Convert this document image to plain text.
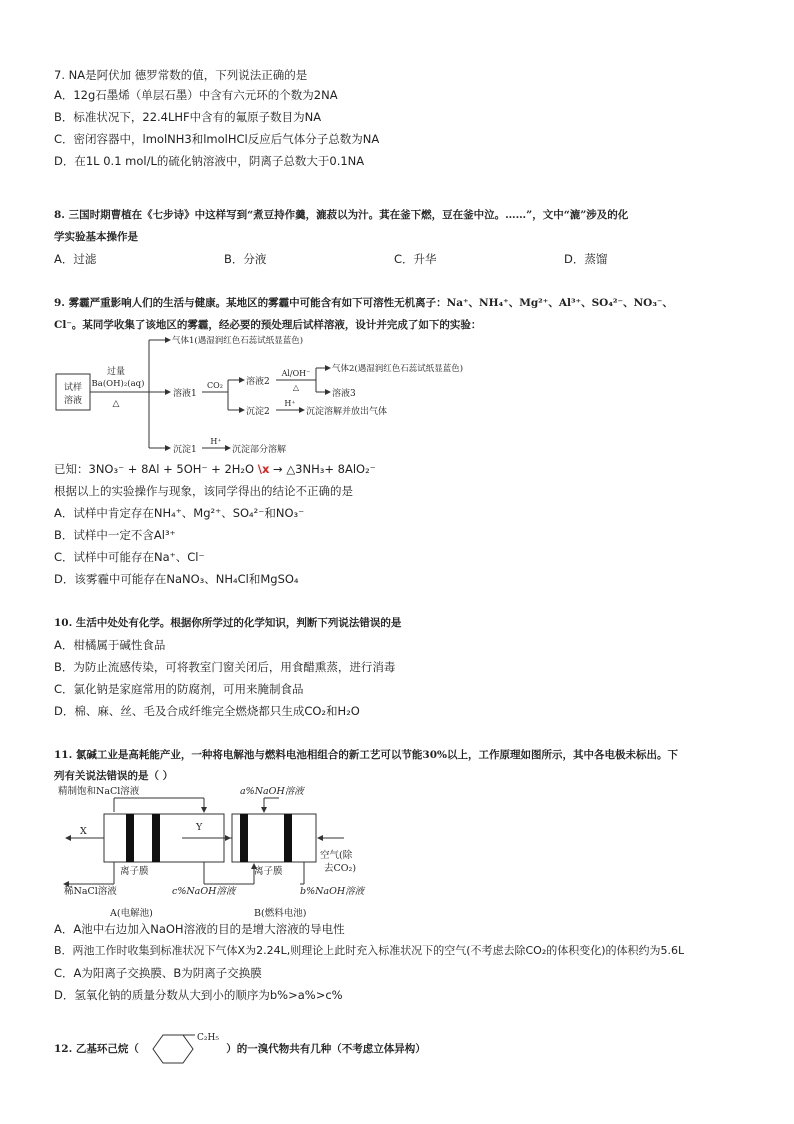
7. NA是阿伏加 德罗常数的值，下列说法正确的是
A．12g石墨烯（单层石墨）中含有六元环的个数为2NA
B．标准状况下，22.4LHF中含有的氟原子数目为NA
C．密闭容器中，lmolNH3和lmolHCl反应后气体分子总数为NA
D．在1L 0.1 mol/L的硫化钠溶液中，阴离子总数大于0.1NA
8. 三国时期曹植在《七步诗》中这样写到“煮豆持作羹，漉菽以为汁。萁在釜下燃，豆在釜中泣。……”，文中“漉”涉及的化
学实验基本操作是
A．过滤	B．分液	C．升华	D．蒸馏
9. 雾霾严重影响人们的生活与健康。某地区的雾霾中可能含有如下可溶性无机离子：Na⁺、NH₄⁺、Mg²⁺、Al³⁺、SO₄²⁻、NO₃⁻、
Cl⁻。某同学收集了该地区的雾霾，经必要的预处理后试样溶液，设计并完成了如下的实验：
试样
溶液
过量
Ba(OH)₂(aq)
△
气体1(遇湿润红色石蕊试纸显蓝色)
溶液1
CO₂	溶液2
沉淀2
Al/OH⁻
△
气体2(遇湿润红色石蕊试纸显蓝色)
溶液3
H⁺
沉淀溶解并放出气体
沉淀1
H⁺
沉淀部分溶解
已知：3NO₃⁻ + 8Al + 5OH⁻ + 2H₂O \x → △3NH₃+ 8AlO₂⁻
根据以上的实验操作与现象，该同学得出的结论不正确的是
A．试样中肯定存在NH₄⁺、Mg²⁺、SO₄²⁻和NO₃⁻
B．试样中一定不含Al³⁺
C．试样中可能存在Na⁺、Cl⁻
D．该雾霾中可能存在NaNO₃、NH₄Cl和MgSO₄
10. 生活中处处有化学。根据你所学过的化学知识，判断下列说法错误的是
A．柑橘属于碱性食品
B．为防止流感传染，可将教室门窗关闭后，用食醋熏蒸，进行消毒
C．氯化钠是家庭常用的防腐剂，可用来腌制食品
D．棉、麻、丝、毛及合成纤维完全燃烧都只生成CO₂和H₂O
11. 氯碱工业是高耗能产业，一种将电解池与燃料电池相组合的新工艺可以节能30%以上，工作原理如图所示，其中各电极未标出。下
列有关说法错误的是（ ）
精制饱和NaCl溶液	a%NaOH溶液
X	Y
空气(除
去CO₂)
离子膜	离子膜
稀NaCl溶液	c%NaOH溶液	b%NaOH溶液
A(电解池)	B(燃料电池)
A．A池中右边加入NaOH溶液的目的是增大溶液的导电性
B．两池工作时收集到标准状况下气体X为2.24L,则理论上此时充入标准状况下的空气(不考虑去除CO₂的体积变化)的体积约为5.6L
C．A为阳离子交换膜、B为阴离子交换膜
D．氢氧化钠的质量分数从大到小的顺序为b%>a%>c%
12. 乙基环己烷（
C₂H₅
）的一溴代物共有几种（不考虑立体异构）
